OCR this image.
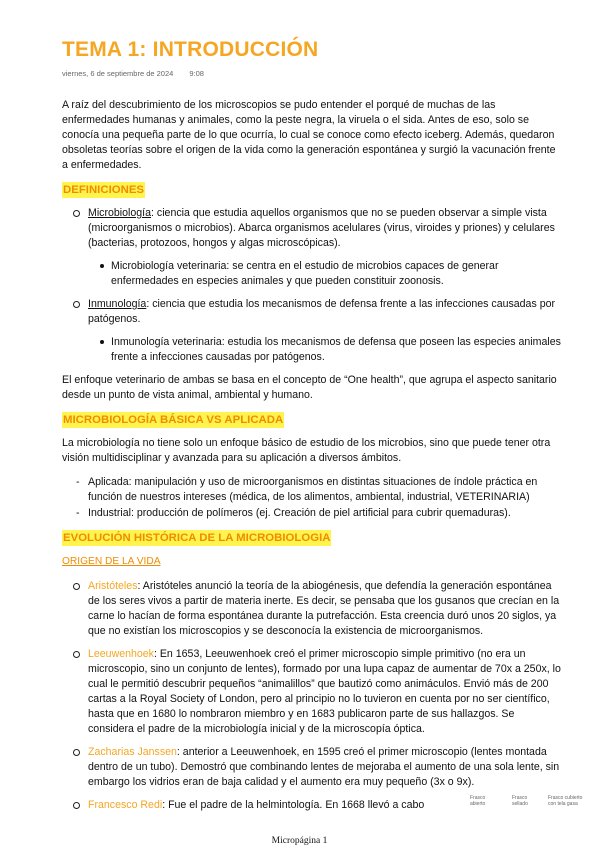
TEMA 1: INTRODUCCIÓN
viernes, 6 de septiembre de 2024 9:08

A raíz del descubrimiento de los microscopios se pudo entender el porqué de muchas de las enfermedades humanas y animales, como la peste negra, la viruela o el sida. Antes de eso, solo se conocía una pequeña parte de lo que ocurría, lo cual se conoce como efecto iceberg. Además, quedaron obsoletas teorías sobre el origen de la vida como la generación espontánea y surgió la vacunación frente a enfermedades.

DEFINICIONES
Microbiología: ciencia que estudia aquellos organismos que no se pueden observar a simple vista (microorganismos o microbios). Abarca organismos acelulares (virus, viroides y priones) y celulares (bacterias, protozoos, hongos y algas microscópicas).
Microbiología veterinaria: se centra en el estudio de microbios capaces de generar enfermedades en especies animales y que pueden constituir zoonosis.
Inmunología: ciencia que estudia los mecanismos de defensa frente a las infecciones causadas por patógenos.
Inmunología veterinaria: estudia los mecanismos de defensa que poseen las especies animales frente a infecciones causadas por patógenos.

El enfoque veterinario de ambas se basa en el concepto de “One health”, que agrupa el aspecto sanitario desde un punto de vista animal, ambiental y humano.

MICROBIOLOGÍA BÁSICA VS APLICADA

La microbiología no tiene solo un enfoque básico de estudio de los microbios, sino que puede tener otra visión multidisciplinar y avanzada para su aplicación a diversos ámbitos.

- Aplicada: manipulación y uso de microorganismos en distintas situaciones de índole práctica en función de nuestros intereses (médica, de los alimentos, ambiental, industrial, VETERINARIA)
- Industrial: producción de polímeros (ej. Creación de piel artificial para cubrir quemaduras).
EVOLUCIÓN HISTÓRICA DE LA MICROBIOLOGIA
ORIGEN DE LA VIDA
Aristóteles: Aristóteles anunció la teoría de la abiogénesis, que defendía la generación espontánea de los seres vivos a partir de materia inerte. Es decir, se pensaba que los gusanos que crecían en la carne lo hacían de forma espontánea durante la putrefacción. Esta creencia duró unos 20 siglos, ya que no existían los microscopios y se desconocía la existencia de microorganismos.
Leeuwenhoek: En 1653, Leeuwenhoek creó el primer microscopio simple primitivo (no era un microscopio, sino un conjunto de lentes), formado por una lupa capaz de aumentar de 70x a 250x, lo cual le permitió descubrir pequeños “animalillos” que bautizó como animáculos. Envió más de 200 cartas a la Royal Society of London, pero al principio no lo tuvieron en cuenta por no ser científico, hasta que en 1680 lo nombraron miembro y en 1683 publicaron parte de sus hallazgos. Se considera el padre de la microbiología inicial y de la microscopía óptica.
Zacharias Janssen: anterior a Leeuwenhoek, en 1595 creó el primer microscopio (lentes montada dentro de un tubo). Demostró que combinando lentes de mejoraba el aumento de una sola lente, sin embargo los vidrios eran de baja calidad y el aumento era muy pequeño (3x o 9x).
Francesco Redi: Fue el padre de la helmintología. En 1668 llevó a cabo
Frasco abierto
Frasco sellado
Frasco cubierto con tela gasa
Micropágina 1
